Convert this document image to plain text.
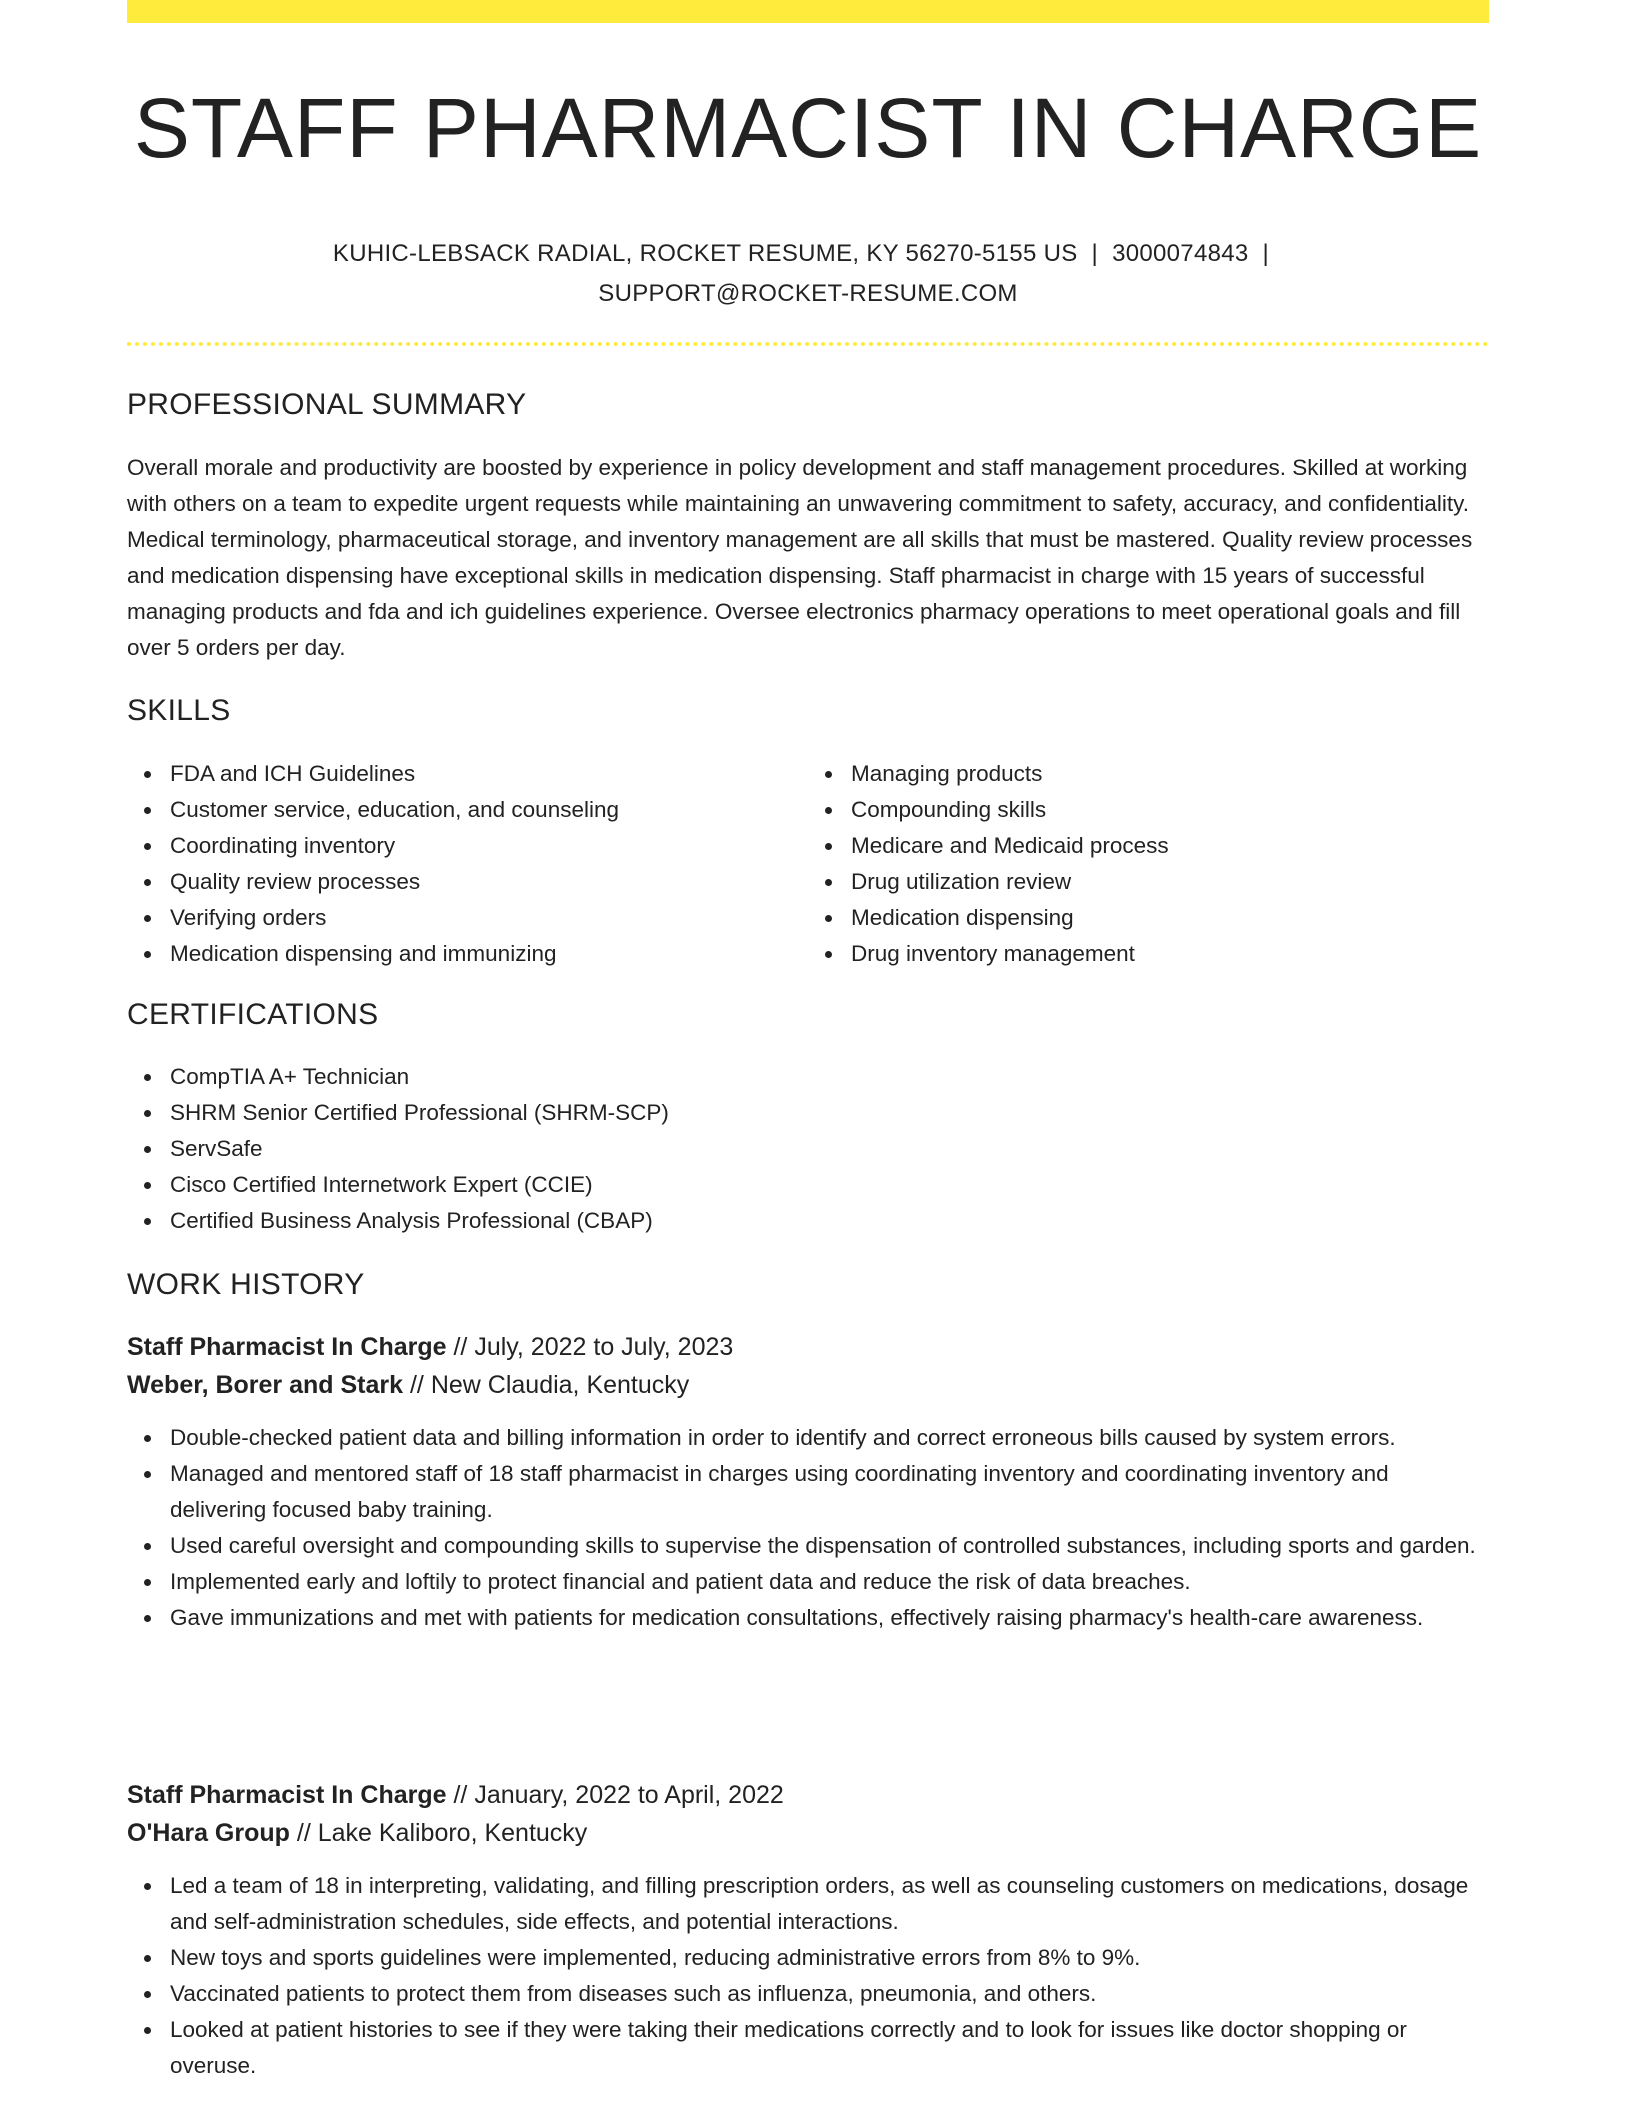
STAFF PHARMACIST IN CHARGE
KUHIC-LEBSACK RADIAL, ROCKET RESUME, KY 56270-5155 US | 3000074843 |
SUPPORT@ROCKET-RESUME.COM
PROFESSIONAL SUMMARY

Overall morale and productivity are boosted by experience in policy development and staff management procedures. Skilled at working with others on a team to expedite urgent requests while maintaining an unwavering commitment to safety, accuracy, and confidentiality. Medical terminology, pharmaceutical storage, and inventory management are all skills that must be mastered. Quality review processes and medication dispensing have exceptional skills in medication dispensing. Staff pharmacist in charge with 15 years of successful managing products and fda and ich guidelines experience. Oversee electronics pharmacy operations to meet operational goals and fill over 5 orders per day.

SKILLS
FDA and ICH Guidelines
Customer service, education, and counseling
Coordinating inventory
Quality review processes
Verifying orders
Medication dispensing and immunizing
Managing products
Compounding skills
Medicare and Medicaid process
Drug utilization review
Medication dispensing
Drug inventory management
CERTIFICATIONS
CompTIA A+ Technician
SHRM Senior Certified Professional (SHRM-SCP)
ServSafe
Cisco Certified Internetwork Expert (CCIE)
Certified Business Analysis Professional (CBAP)
WORK HISTORY
Staff Pharmacist In Charge // July, 2022 to July, 2023
Weber, Borer and Stark // New Claudia, Kentucky
Double-checked patient data and billing information in order to identify and correct erroneous bills caused by system errors.
Managed and mentored staff of 18 staff pharmacist in charges using coordinating inventory and coordinating inventory and delivering focused baby training.
Used careful oversight and compounding skills to supervise the dispensation of controlled substances, including sports and garden.
Implemented early and loftily to protect financial and patient data and reduce the risk of data breaches.
Gave immunizations and met with patients for medication consultations, effectively raising pharmacy's health-care awareness.
Staff Pharmacist In Charge // January, 2022 to April, 2022
O'Hara Group // Lake Kaliboro, Kentucky
Led a team of 18 in interpreting, validating, and filling prescription orders, as well as counseling customers on medications, dosage and self-administration schedules, side effects, and potential interactions.
New toys and sports guidelines were implemented, reducing administrative errors from 8% to 9%.
Vaccinated patients to protect them from diseases such as influenza, pneumonia, and others.
Looked at patient histories to see if they were taking their medications correctly and to look for issues like doctor shopping or overuse.
